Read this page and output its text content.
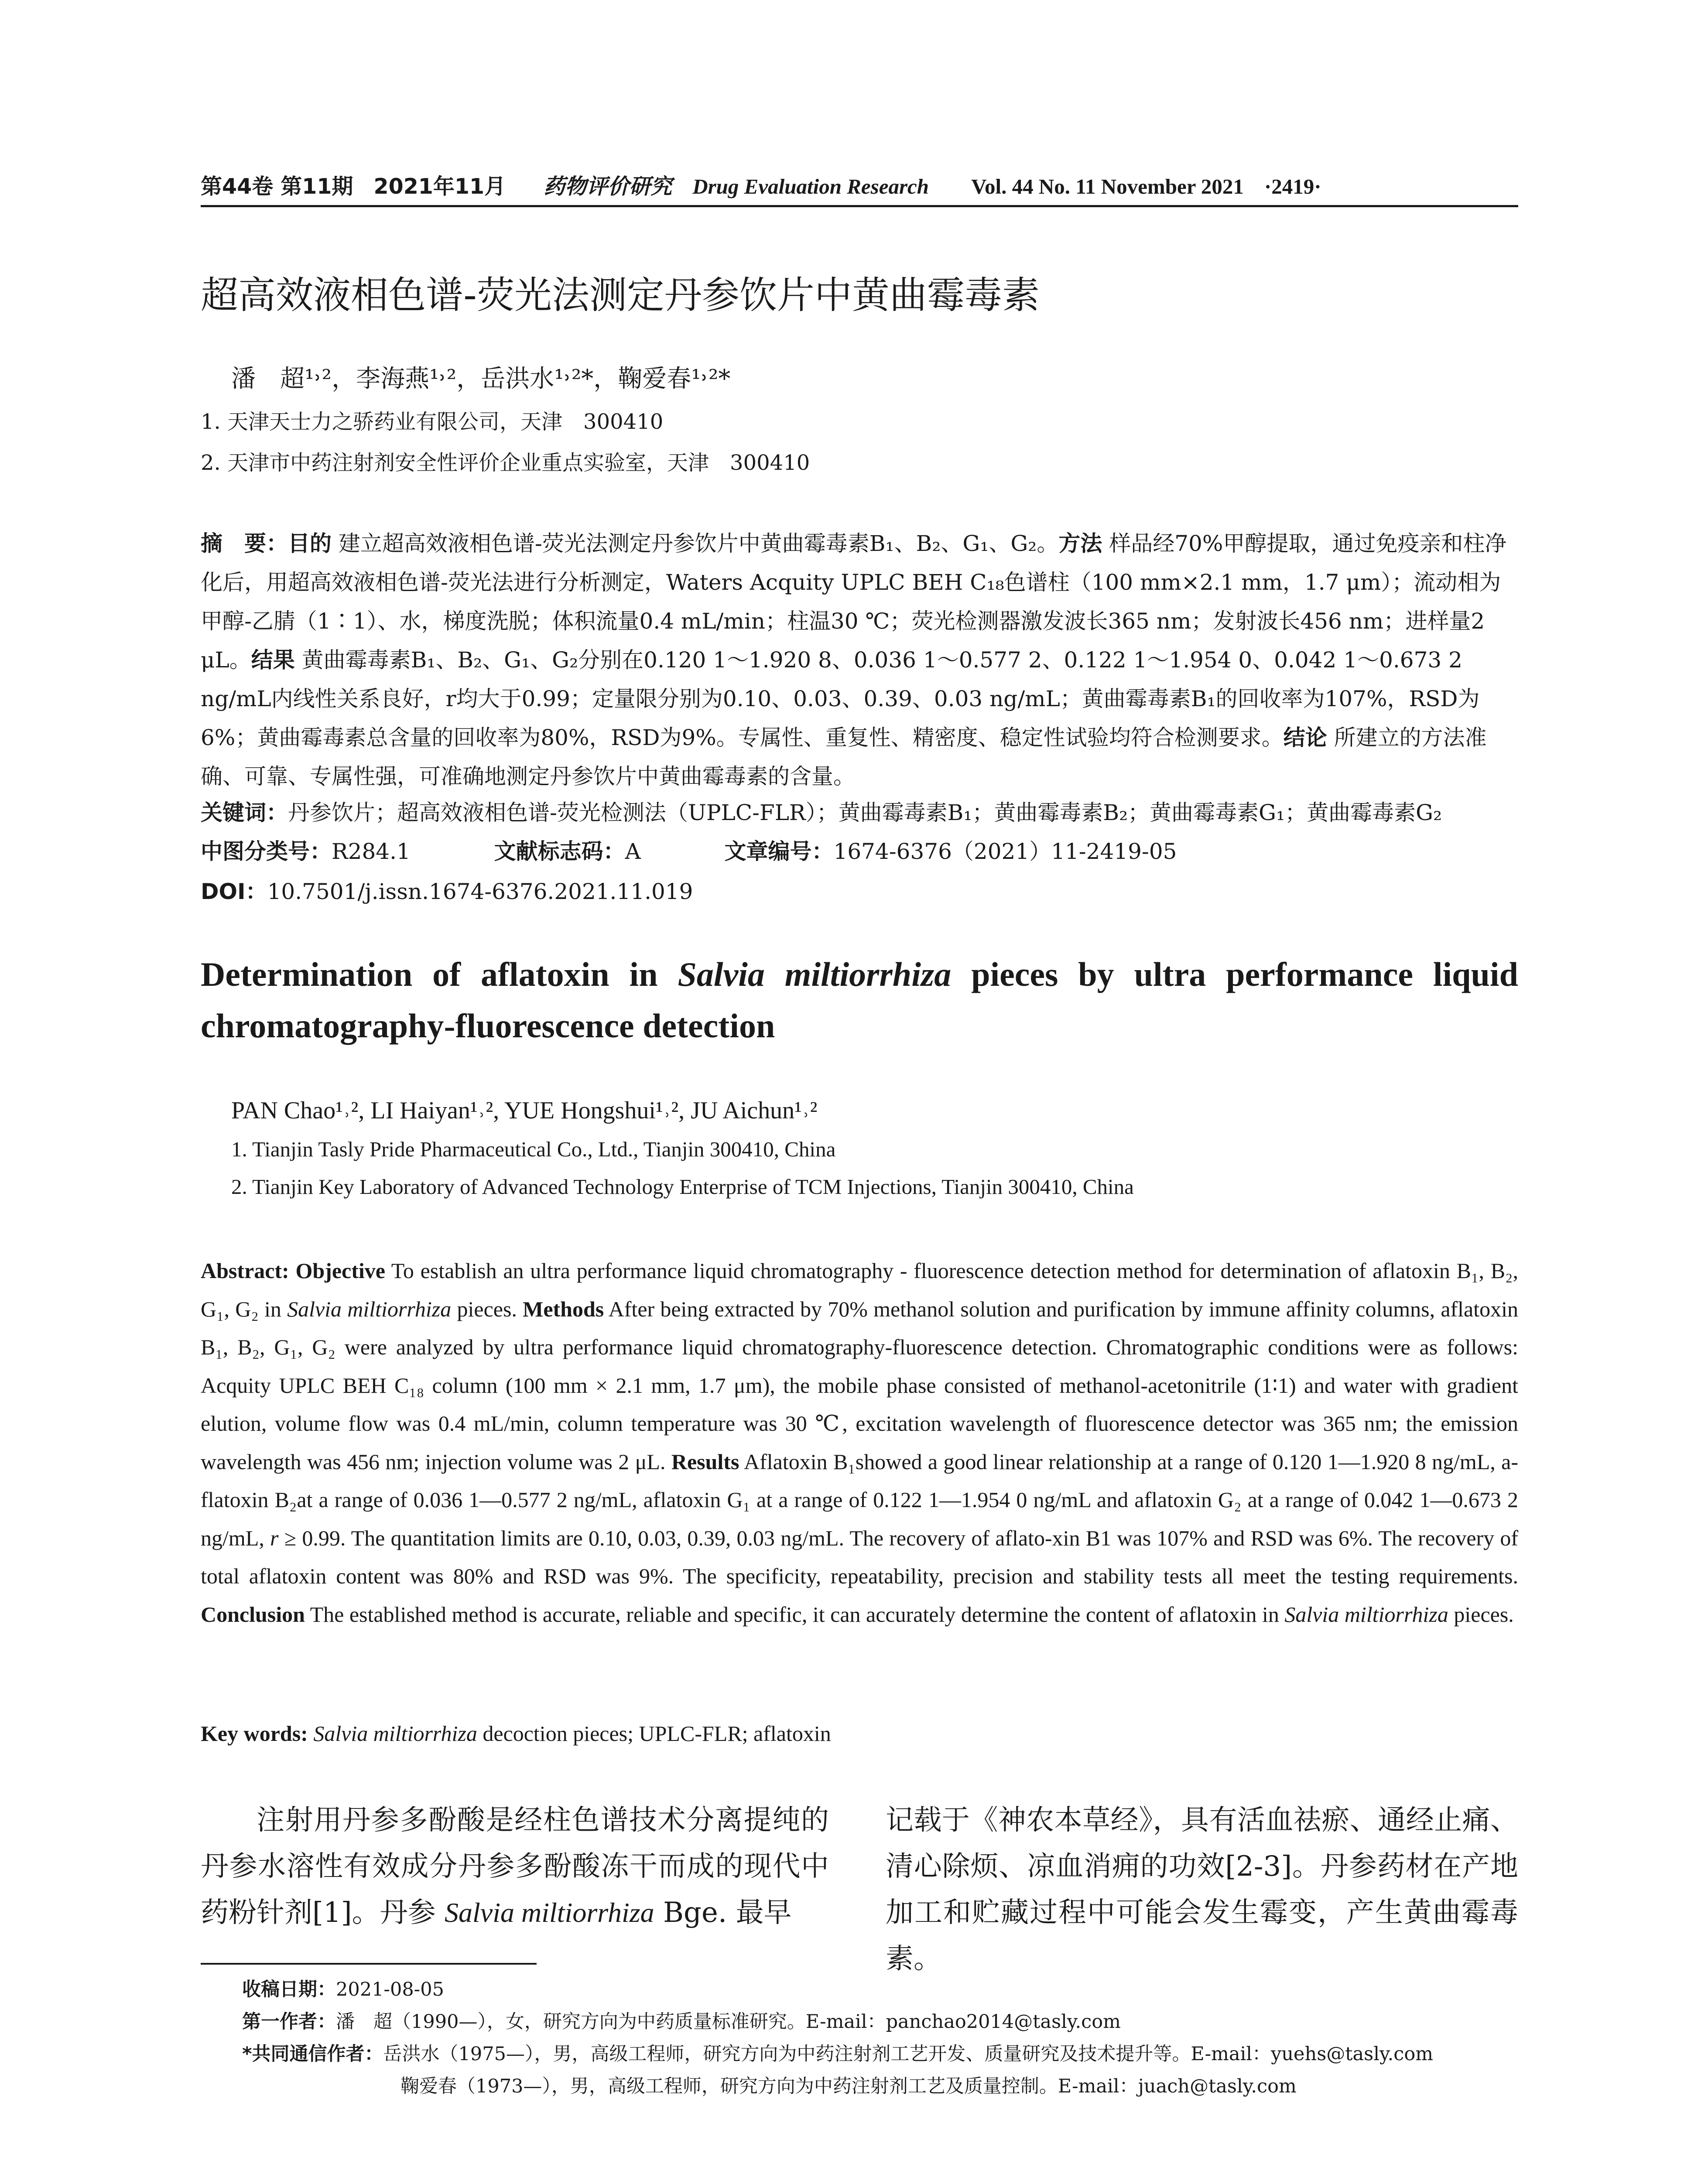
第44卷 第11期 2021年11月 药物评价研究 Drug Evaluation Research Vol. 44 No. 11 November 2021 ·2419·
超高效液相色谱-荧光法测定丹参饮片中黄曲霉毒素
潘　超¹˒²，李海燕¹˒²，岳洪水¹˒²*，鞠爱春¹˒²*
1. 天津天士力之骄药业有限公司，天津　300410
2. 天津市中药注射剂安全性评价企业重点实验室，天津　300410

摘　要：目的 建立超高效液相色谱-荧光法测定丹参饮片中黄曲霉毒素B₁、B₂、G₁、G₂。方法 样品经70%甲醇提取，通过免疫亲和柱净化后，用超高效液相色谱-荧光法进行分析测定，Waters Acquity UPLC BEH C₁₈色谱柱（100 mm×2.1 mm，1.7 μm）；流动相为甲醇-乙腈（1∶1）、水，梯度洗脱；体积流量0.4 mL/min；柱温30 ℃；荧光检测器激发波长365 nm；发射波长456 nm；进样量2 μL。结果 黄曲霉毒素B₁、B₂、G₁、G₂分别在0.120 1～1.920 8、0.036 1～0.577 2、0.122 1～1.954 0、0.042 1～0.673 2 ng/mL内线性关系良好，r均大于0.99；定量限分别为0.10、0.03、0.39、0.03 ng/mL；黄曲霉毒素B₁的回收率为107%，RSD为6%；黄曲霉毒素总含量的回收率为80%，RSD为9%。专属性、重复性、精密度、稳定性试验均符合检测要求。结论 所建立的方法准确、可靠、专属性强，可准确地测定丹参饮片中黄曲霉毒素的含量。

关键词：丹参饮片；超高效液相色谱-荧光检测法（UPLC-FLR）；黄曲霉毒素B₁；黄曲霉毒素B₂；黄曲霉毒素G₁；黄曲霉毒素G₂
中图分类号：R284.1	文献标志码：A	文章编号：1674-6376（2021）11-2419-05
DOI：10.7501/j.issn.1674-6376.2021.11.019
Determination of aflatoxin in Salvia miltiorrhiza pieces by ultra performance liquid chromatography-fluorescence detection
PAN Chao¹˒², LI Haiyan¹˒², YUE Hongshui¹˒², JU Aichun¹˒²
1. Tianjin Tasly Pride Pharmaceutical Co., Ltd., Tianjin 300410, China
2. Tianjin Key Laboratory of Advanced Technology Enterprise of TCM Injections, Tianjin 300410, China
Abstract: Objective To establish an ultra performance liquid chromatography - fluorescence detection method for determination of aflatoxin B₁, B₂, G₁, G₂ in Salvia miltiorrhiza pieces. Methods After being extracted by 70% methanol solution and purification by immune affinity columns, aflatoxin B₁, B₂, G₁, G₂ were analyzed by ultra performance liquid chromatography-fluorescence detection. Chromatographic conditions were as follows: Acquity UPLC BEH C₁₈ column (100 mm × 2.1 mm, 1.7 μm), the mobile phase consisted of methanol-acetonitrile (1∶1) and water with gradient elution, volume flow was 0.4 mL/min, column temperature was 30 ℃, excitation wavelength of fluorescence detector was 365 nm; the emission wavelength was 456 nm; injection volume was 2 μL. Results Aflatoxin B₁showed a good linear relationship at a range of 0.120 1—1.920 8 ng/mL, a-flatoxin B₂at a range of 0.036 1—0.577 2 ng/mL, aflatoxin G₁ at a range of 0.122 1—1.954 0 ng/mL and aflatoxin G₂ at a range of 0.042 1—0.673 2 ng/mL, r ≥ 0.99. The quantitation limits are 0.10, 0.03, 0.39, 0.03 ng/mL. The recovery of aflato-xin B1 was 107% and RSD was 6%. The recovery of total aflatoxin content was 80% and RSD was 9%. The specificity, repeatability, precision and stability tests all meet the testing requirements. Conclusion The established method is accurate, reliable and specific, it can accurately determine the content of aflatoxin in Salvia miltiorrhiza pieces.
Key words: Salvia miltiorrhiza decoction pieces; UPLC-FLR; aflatoxin
注射用丹参多酚酸是经柱色谱技术分离提纯的丹参水溶性有效成分丹参多酚酸冻干而成的现代中药粉针剂[1]。丹参 Salvia miltiorrhiza Bge. 最早
记载于《神农本草经》，具有活血祛瘀、通经止痛、清心除烦、凉血消痈的功效[2-3]。丹参药材在产地加工和贮藏过程中可能会发生霉变，产生黄曲霉毒素。
收稿日期：2021-08-05
第一作者：潘　超（1990—），女，研究方向为中药质量标准研究。E-mail：panchao2014@tasly.com
*共同通信作者：岳洪水（1975—），男，高级工程师，研究方向为中药注射剂工艺开发、质量研究及技术提升等。E-mail：yuehs@tasly.com
鞠爱春（1973—），男，高级工程师，研究方向为中药注射剂工艺及质量控制。E-mail：juach@tasly.com
